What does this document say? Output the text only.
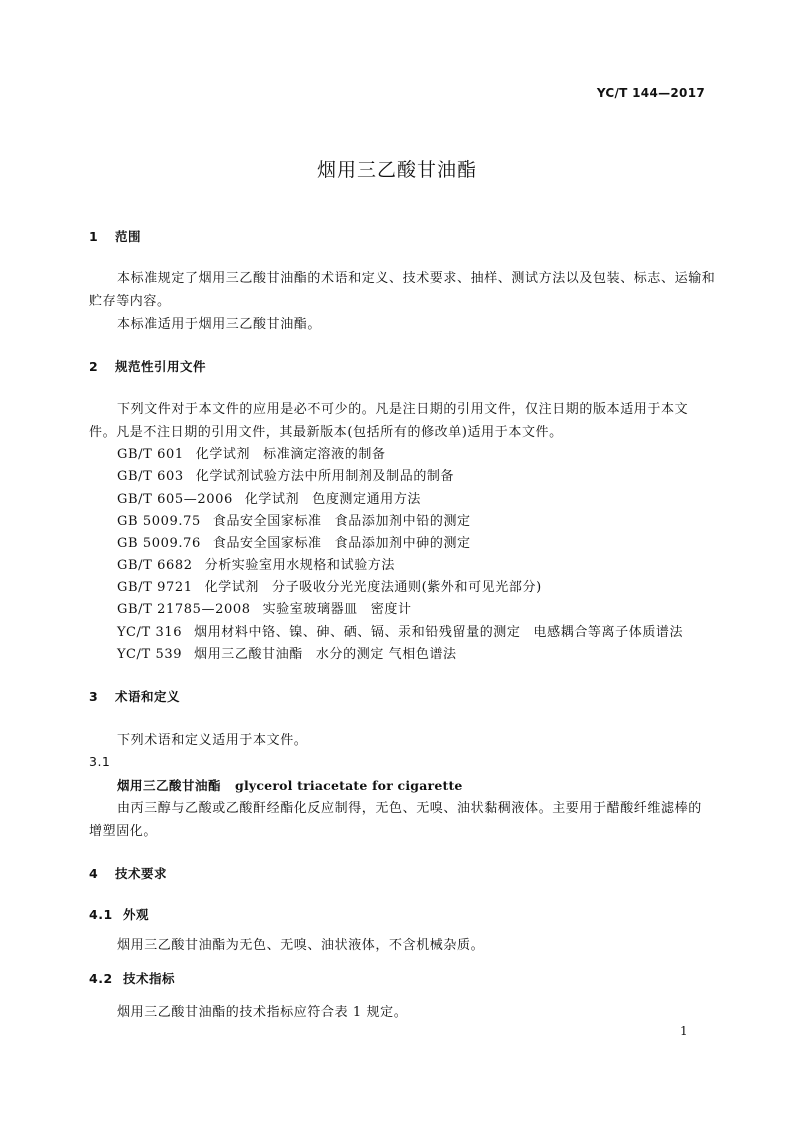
YC/T 144—2017
烟用三乙酸甘油酯
1 范围
本标准规定了烟用三乙酸甘油酯的术语和定义、技术要求、抽样、测试方法以及包装、标志、运输和
贮存等内容。
本标准适用于烟用三乙酸甘油酯。
2 规范性引用文件
下列文件对于本文件的应用是必不可少的。凡是注日期的引用文件，仅注日期的版本适用于本文
件。凡是不注日期的引用文件，其最新版本(包括所有的修改单)适用于本文件。
GB/T 601 化学试剂 标准滴定溶液的制备
GB/T 603 化学试剂试验方法中所用制剂及制品的制备
GB/T 605—2006 化学试剂 色度测定通用方法
GB 5009.75 食品安全国家标准 食品添加剂中铅的测定
GB 5009.76 食品安全国家标准 食品添加剂中砷的测定
GB/T 6682 分析实验室用水规格和试验方法
GB/T 9721 化学试剂 分子吸收分光光度法通则(紫外和可见光部分)
GB/T 21785—2008 实验室玻璃器皿 密度计
YC/T 316 烟用材料中铬、镍、砷、硒、镉、汞和铅残留量的测定 电感耦合等离子体质谱法
YC/T 539 烟用三乙酸甘油酯 水分的测定 气相色谱法
3 术语和定义
下列术语和定义适用于本文件。
3.1
烟用三乙酸甘油酯 glycerol triacetate for cigarette
由丙三醇与乙酸或乙酸酐经酯化反应制得，无色、无嗅、油状黏稠液体。主要用于醋酸纤维滤棒的
增塑固化。
4 技术要求
4.1 外观
烟用三乙酸甘油酯为无色、无嗅、油状液体，不含机械杂质。
4.2 技术指标
烟用三乙酸甘油酯的技术指标应符合表 1 规定。
1
